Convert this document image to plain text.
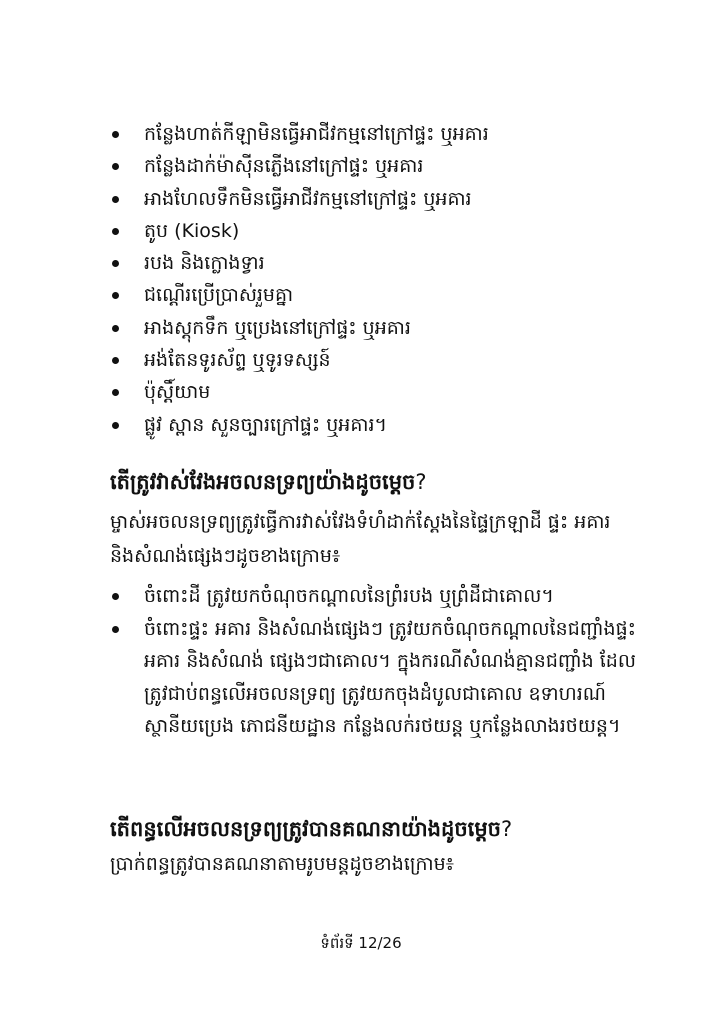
កន្លែងហាត់កីឡាមិនធ្វើអាជីវកម្មនៅក្រៅផ្ទះ ឬអគារ
កន្លែងដាក់ម៉ាស៊ីនភ្លើងនៅក្រៅផ្ទះ ឬអគារ
អាងហែលទឹកមិនធ្វើអាជីវកម្មនៅក្រៅផ្ទះ ឬអគារ
តូប (Kiosk)
របង និងក្លោងទ្វារ
ជណ្ដើរប្រើប្រាស់រួមគ្នា
អាងស្តុកទឹក ឬប្រេងនៅក្រៅផ្ទះ ឬអគារ
អង់តែនទូរស័ព្ទ ឬទូរទស្សន៍
ប៉ុស្តិ៍យាម
ផ្លូវ ស្ពាន សួនច្បារក្រៅផ្ទះ ឬអគារ។
តើត្រូវវាស់វែងអចលនទ្រព្យយ៉ាងដូចម្តេច?
ម្ចាស់អចលនទ្រព្យត្រូវធ្វើការវាស់វែងទំហំដាក់ស្តែងនៃផ្ទៃក្រឡាដី ផ្ទះ អគារ និងសំណង់ផ្សេងៗដូចខាងក្រោម៖
ចំពោះដី ត្រូវយកចំណុចកណ្តាលនៃព្រំរបង ឬព្រំដីជាគោល។
ចំពោះផ្ទះ អគារ និងសំណង់ផ្សេងៗ ត្រូវយកចំណុចកណ្តាលនៃជញ្ជាំងផ្ទះ អគារ និងសំណង់ ផ្សេងៗជាគោល។ ក្នុងករណីសំណង់គ្មានជញ្ជាំង ដែលត្រូវជាប់ពន្ធលើអចលនទ្រព្យ ត្រូវយកចុងដំបូលជាគោល ឧទាហរណ៍ស្ថានីយប្រេង ភោជនីយដ្ឋាន កន្លែងលក់រថយន្ត ឬកន្លែងលាងរថយន្ត។
តើពន្ធលើអចលនទ្រព្យត្រូវបានគណនាយ៉ាងដូចម្តេច?
ប្រាក់ពន្ធត្រូវបានគណនាតាមរូបមន្តដូចខាងក្រោម៖
ទំព័រទី 12/26
